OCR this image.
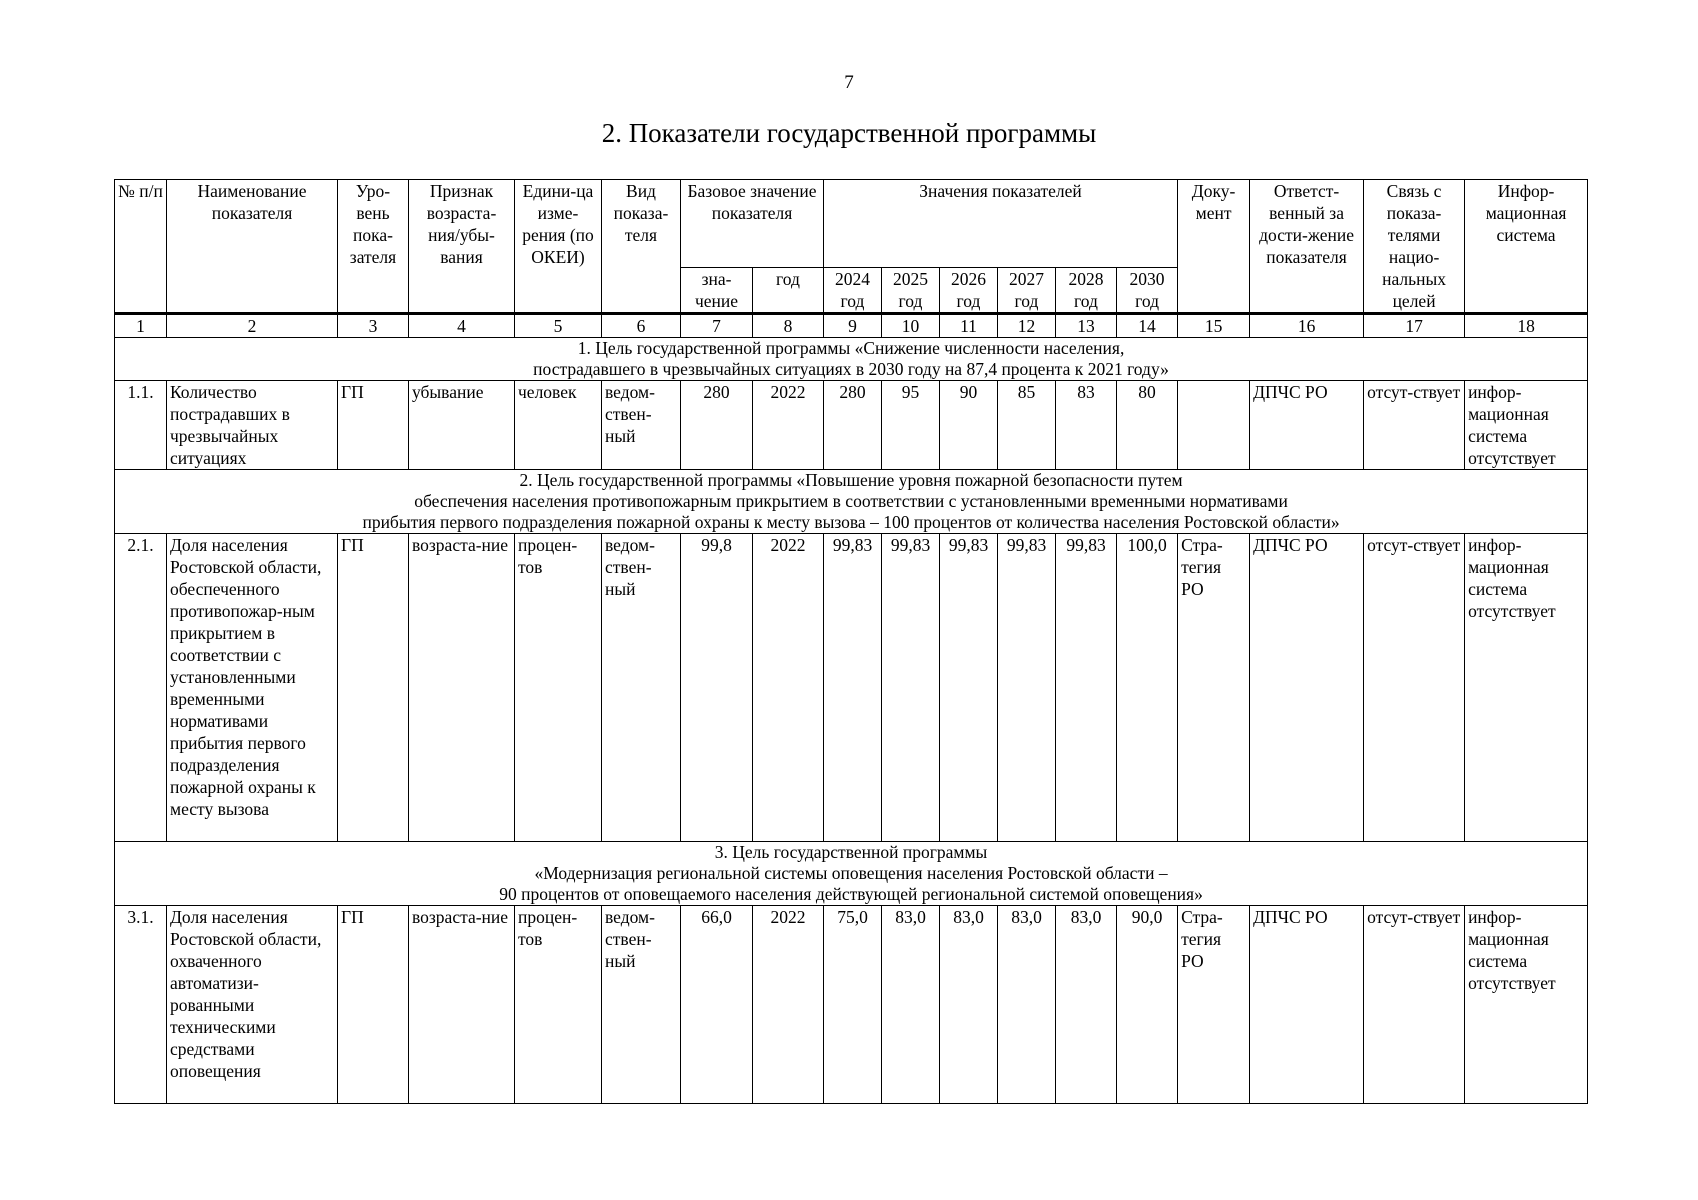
7
2. Показатели государственной программы
№ п/п	Наименование показателя	Уро-вень пока-зателя	Признак возраста-ния/убы-вания	Едини-ца изме-рения (по ОКЕИ)	Вид показа-теля	Базовое значение показателя		Значения показателей						Доку-мент	Ответст-венный за дости-жение показателя	Связь с показа-телями нацио-нальных целей	Инфор-мационная система
						зна-чение	год	2024 год	2025 год	2026 год	2027 год	2028 год	2030 год				
1	2	3	4	5	6	7	8	9	10	11	12	13	14	15	16	17	18

1. Цель государственной программы «Снижение численности населения,
пострадавшего в чрезвычайных ситуациях в 2030 году на 87,4 процента к 2021 году»																	

1.1.	Количество пострадавших в чрезвычайных ситуациях	ГП	убывание	человек	ведом-ствен-ный	280	2022	280	95	90	85	83	80		ДПЧС РО	отсут-ствует	инфор-мационная система отсутствует

2. Цель государственной программы «Повышение уровня пожарной безопасности путем
обеспечения населения противопожарным прикрытием в соответствии с установленными временными нормативами
прибытия первого подразделения пожарной охраны к месту вызова – 100 процентов от количества населения Ростовской области»																	

2.1.	Доля населения Ростовской области, обеспеченного противопожар-ным прикрытием в соответствии с установленными временными нормативами прибытия первого подразделения пожарной охраны к месту вызова	ГП	возраста-ние	процен-тов	ведом-ствен-ный	99,8	2022	99,83	99,83	99,83	99,83	99,83	100,0	Стра-тегия РО	ДПЧС РО	отсут-ствует	инфор-мационная система отсутствует

3. Цель государственной программы
«Модернизация региональной системы оповещения населения Ростовской области –
90 процентов от оповещаемого населения действующей региональной системой оповещения»																	

3.1.	Доля населения Ростовской области, охваченного автоматизи-рованными техническими средствами оповещения	ГП	возраста-ние	процен-тов	ведом-ствен-ный	66,0	2022	75,0	83,0	83,0	83,0	83,0	90,0	Стра-тегия РО	ДПЧС РО	отсут-ствует	инфор-мационная система отсутствует
